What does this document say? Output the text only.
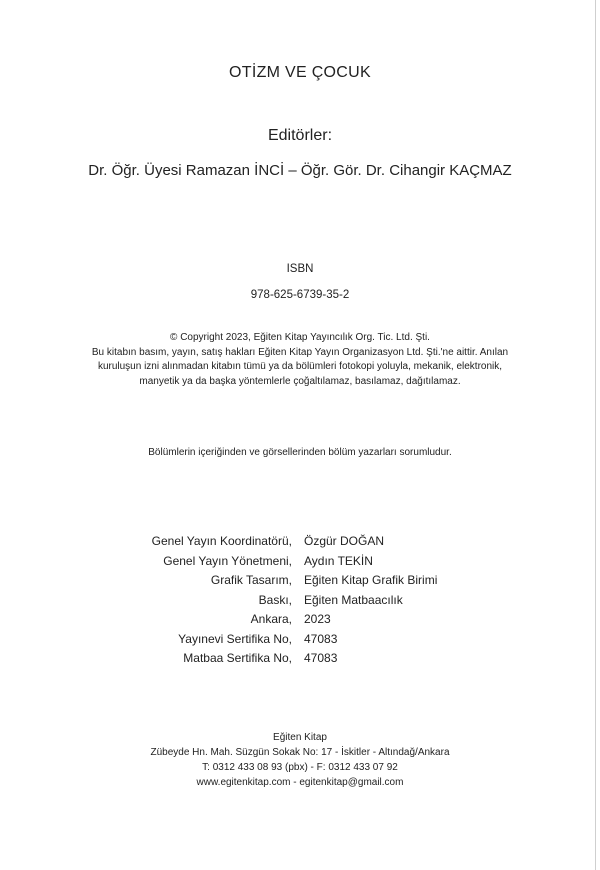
OTİZM VE ÇOCUK
Editörler:
Dr. Öğr. Üyesi Ramazan İNCİ – Öğr. Gör. Dr. Cihangir KAÇMAZ
ISBN
978-625-6739-35-2
© Copyright 2023, Eğiten Kitap Yayıncılık Org. Tic. Ltd. Şti.
Bu kitabın basım, yayın, satış hakları Eğiten Kitap Yayın Organizasyon Ltd. Şti.'ne aittir. Anılan
kuruluşun izni alınmadan kitabın tümü ya da bölümleri fotokopi yoluyla, mekanik, elektronik,
manyetik ya da başka yöntemlerle çoğaltılamaz, basılamaz, dağıtılamaz.
Bölümlerin içeriğinden ve görsellerinden bölüm yazarları sorumludur.
Genel Yayın Koordinatörü, Özgür DOĞAN
Genel Yayın Yönetmeni, Aydın TEKİN
Grafik Tasarım, Eğiten Kitap Grafik Birimi
Baskı, Eğiten Matbaacılık
Ankara, 2023
Yayınevi Sertifika No, 47083
Matbaa Sertifika No, 47083
Eğiten Kitap
Zübeyde Hn. Mah. Süzgün Sokak No: 17 - İskitler - Altındağ/Ankara
T: 0312 433 08 93 (pbx) - F: 0312 433 07 92
www.egitenkitap.com - egitenkitap@gmail.com
